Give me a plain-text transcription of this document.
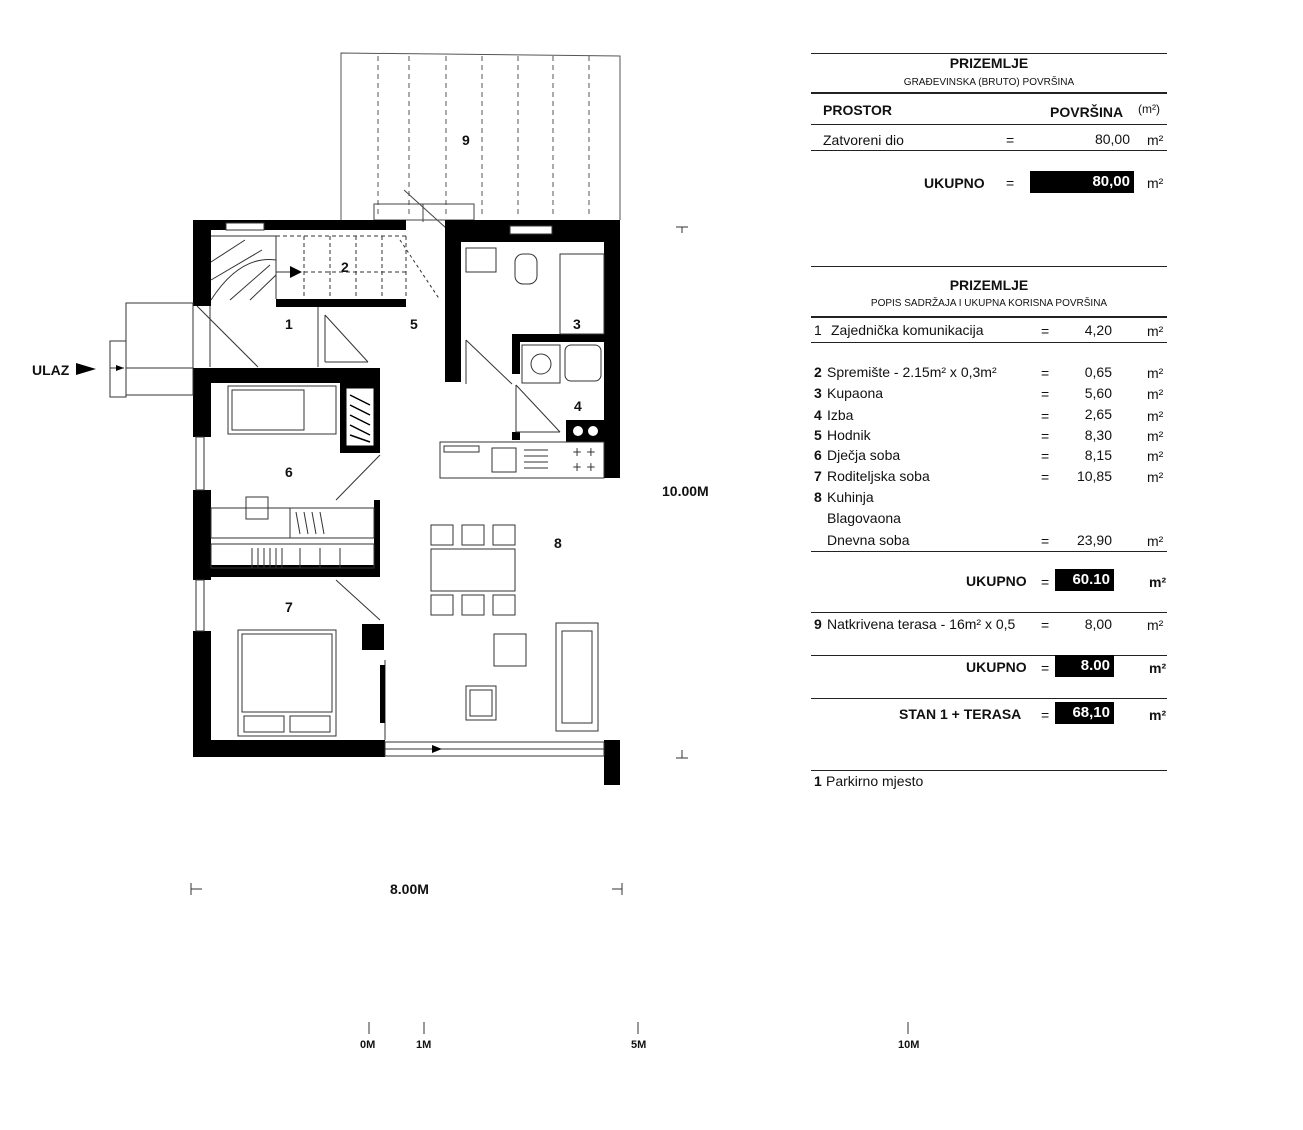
+ +
+ +
ULAZ
1
2
3
4
5
6
7
8
9
10.00M
8.00M
0M	1M	5M	10M
PRIZEMLJE
GRAĐEVINSKA (BRUTO) POVRŠINA
PROSTOR	POVRŠINA (m²)
Zatvoreni dio	=	80,00 m²
UKUPNO =	80,00 m²
PRIZEMLJE
POPIS SADRŽAJA I UKUPNA KORISNA POVRŠINA
1 Zajednička komunikacija	=	4,20	m²
2 Spremište - 2.15m² x 0,3m²	=	0,65	m²
3 Kupaona	=	5,60	m²
4 Izba	=	2,65	m²
5 Hodnik	=	8,30	m²
6 Dječja soba	=	8,15	m²
7 Roditeljska soba	=	10,85	m²
8 Kuhinja
Blagovaona
Dnevna soba	=	23,90	m²
UKUPNO =	60.10	m²
9 Natkrivena terasa - 16m² x 0,5 =	8,00	m²
UKUPNO =	8.00	m²
STAN 1 + TERASA =	68,10	m²
1 Parkirno mjesto
